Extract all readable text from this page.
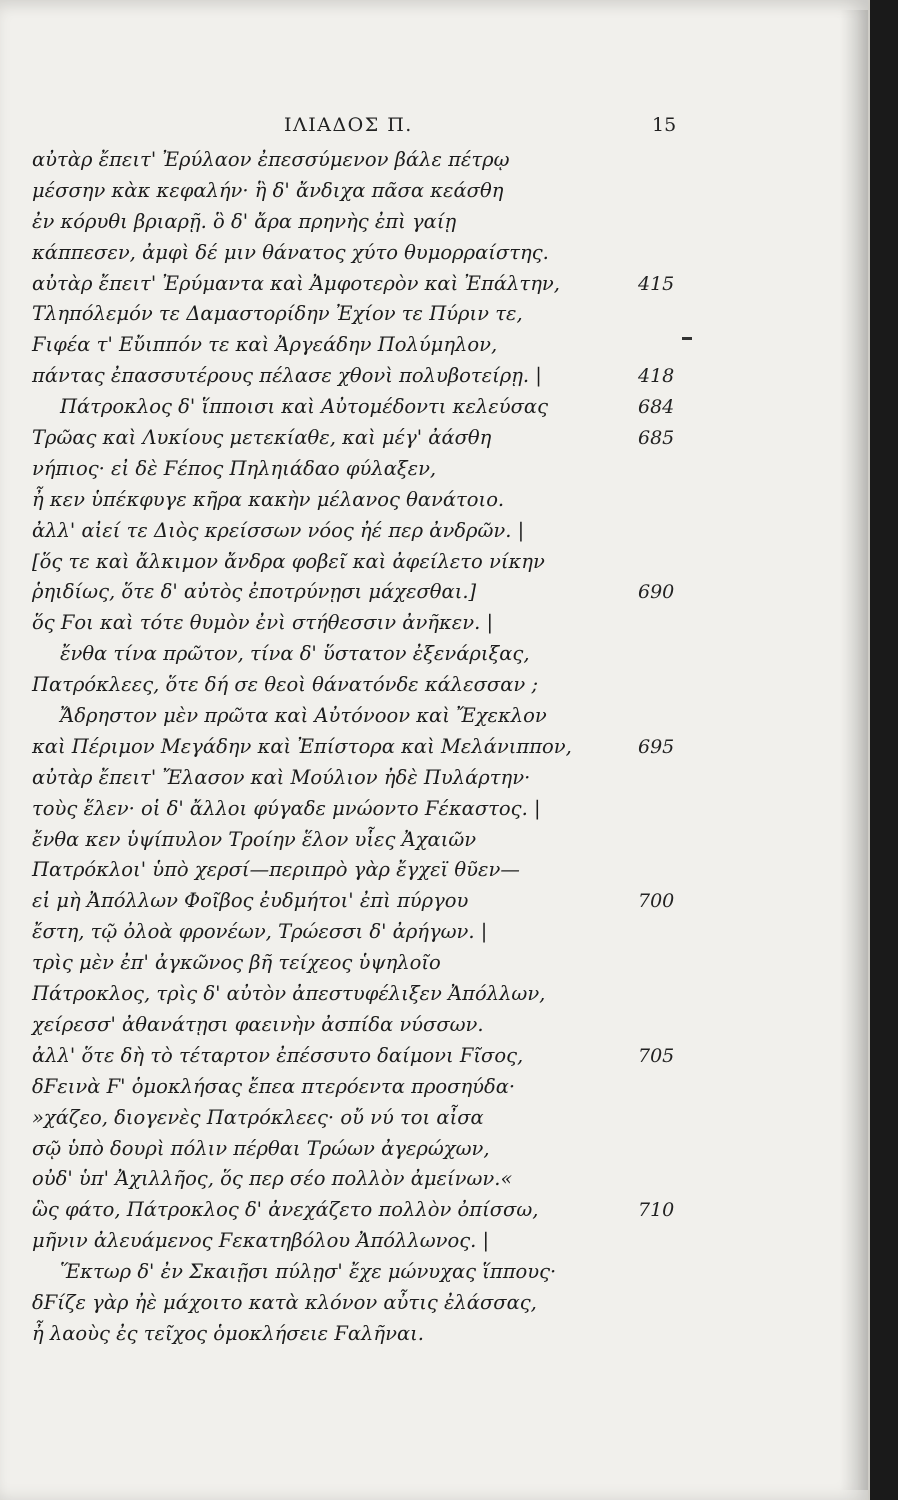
ΙΛΙΑΔΟΣ Π.	15
αὐτὰρ ἔπειτ' Ἐρύλαον ἐπεσσύμενον βάλε πέτρῳ
μέσσην κὰκ κεφαλήν· ἣ δ' ἄνδιχα πᾶσα κεάσθη
ἐν κόρυθι βριαρῇ. ὃ δ' ἄρα πρηνὴς ἐπὶ γαίῃ
κάππεσεν, ἀμφὶ δέ μιν θάνατος χύτο θυμορραίστης.
αὐτὰρ ἔπειτ' Ἐρύμαντα καὶ Ἀμφοτερὸν καὶ Ἐπάλτην,	415
Τληπόλεμόν τε Δαμαστορίδην Ἐχίον τε Πύριν τε,
Ϝιφέα τ' Εὔιππόν τε καὶ Ἀργεάδην Πολύμηλον,
πάντας ἐπασσυτέρους πέλασε χθονὶ πολυβοτείρῃ. |	418
Πάτροκλος δ' ἵπποισι καὶ Αὐτομέδοντι κελεύσας	684
Τρῶας καὶ Λυκίους μετεκίαθε, καὶ μέγ' ἀάσθη	685
νήπιος· εἰ δὲ Ϝέπος Πηληιάδαο φύλαξεν,
ἦ κεν ὑπέκφυγε κῆρα κακὴν μέλανος θανάτοιο.
ἀλλ' αἰεί τε Διὸς κρείσσων νόος ἠέ περ ἀνδρῶν. |
[ὅς τε καὶ ἄλκιμον ἄνδρα φοβεῖ καὶ ἀφείλετο νίκην
ῥηιδίως, ὅτε δ' αὐτὸς ἐποτρύνῃσι μάχεσθαι.]	690
ὅς Ϝοι καὶ τότε θυμὸν ἐνὶ στήθεσσιν ἀνῆκεν. |
ἔνθα τίνα πρῶτον, τίνα δ' ὕστατον ἐξενάριξας,
Πατρόκλεες, ὅτε δή σε θεοὶ θάνατόνδε κάλεσσαν ;
Ἄδρηστον μὲν πρῶτα καὶ Αὐτόνοον καὶ Ἔχεκλον
καὶ Πέριμον Μεγάδην καὶ Ἐπίστορα καὶ Μελάνιππον,	695
αὐτὰρ ἔπειτ' Ἔλασον καὶ Μούλιον ἠδὲ Πυλάρτην·
τοὺς ἕλεν· οἱ δ' ἄλλοι φύγαδε μνώοντο Ϝέκαστος. |
ἔνθα κεν ὑψίπυλον Τροίην ἕλον υἷες Ἀχαιῶν
Πατρόκλοι' ὑπὸ χερσί—περιπρὸ γὰρ ἔγχεϊ θῦεν—
εἰ μὴ Ἀπόλλων Φοῖβος ἐυδμήτοι' ἐπὶ πύργου	700
ἔστη, τῷ ὀλοὰ φρονέων, Τρώεσσι δ' ἀρήγων. |
τρὶς μὲν ἐπ' ἀγκῶνος βῆ τείχεος ὑψηλοῖο
Πάτροκλος, τρὶς δ' αὐτὸν ἀπεστυφέλιξεν Ἀπόλλων,
χείρεσσ' ἀθανάτῃσι φαεινὴν ἀσπίδα νύσσων.
ἀλλ' ὅτε δὴ τὸ τέταρτον ἐπέσσυτο δαίμονι Ϝῖσος,	705
δϜεινὰ Ϝ' ὁμοκλήσας ἔπεα πτερόεντα προσηύδα·
»χάζεο, διογενὲς Πατρόκλεες· οὔ νύ τοι αἶσα
σῷ ὑπὸ δουρὶ πόλιν πέρθαι Τρώων ἀγερώχων,
οὐδ' ὑπ' Ἀχιλλῆος, ὅς περ σέο πολλὸν ἀμείνων.«
ὣς φάτο, Πάτροκλος δ' ἀνεχάζετο πολλὸν ὀπίσσω,	710
μῆνιν ἀλευάμενος Ϝεκατηβόλου Ἀπόλλωνος. |
Ἕκτωρ δ' ἐν Σκαιῇσι πύλῃσ' ἔχε μώνυχας ἵππους·
δϜίζε γὰρ ἠὲ μάχοιτο κατὰ κλόνον αὖτις ἐλάσσας,
ἦ λαοὺς ἐς τεῖχος ὁμοκλήσειε Ϝαλῆναι.
